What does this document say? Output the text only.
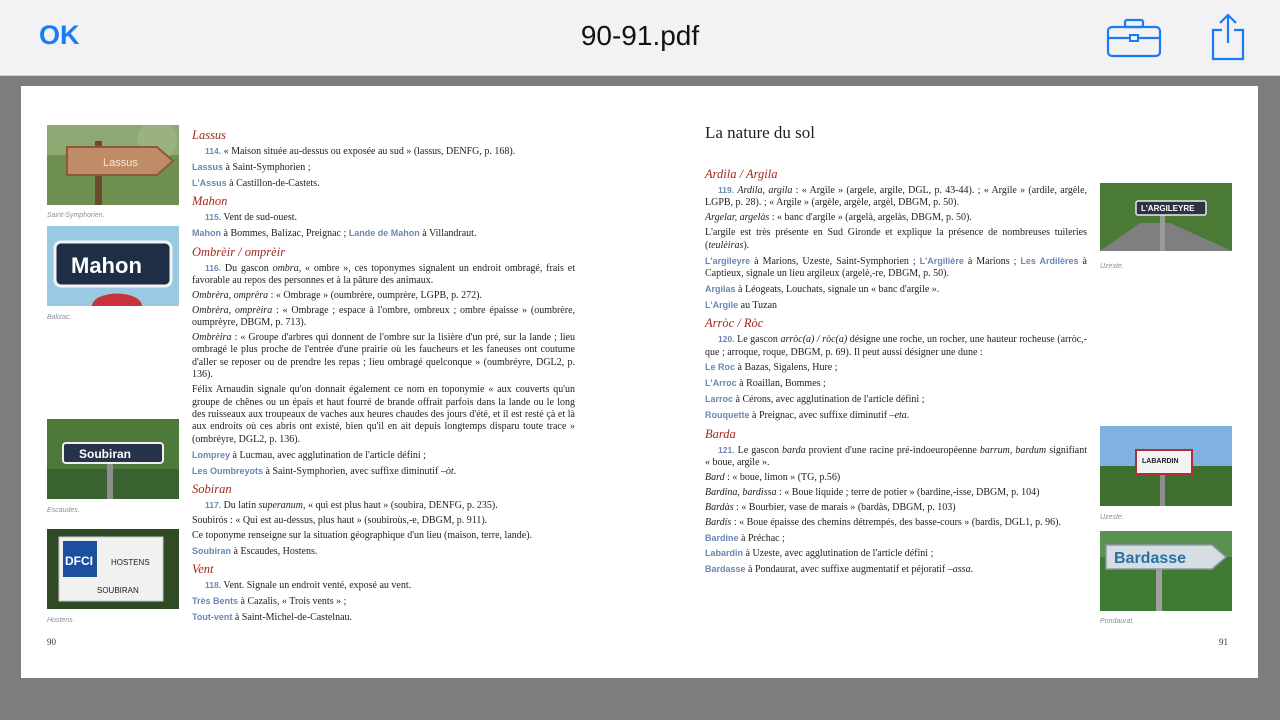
OK	90-91.pdf
Lassus
Saint-Symphorien.
Mahon
Balizac.
Soubiran
Escaudes.
DFCI HOSTENS
SOUBIRAN
Hostens.
90
Lassus

114. « Maison située au-dessus ou exposée au sud » (lassus, DENFG, p. 168).

Lassus à Saint-Symphorien ;

L'Assus à Castillon-de-Castets.

Mahon

115. Vent de sud-ouest.

Mahon à Bommes, Balizac, Preignac ; Lande de Mahon à Villandraut.

Ombrèir / omprèir

116. Du gascon ombra, « ombre », ces toponymes signalent un endroit ombragé, frais et favorable au repos des personnes et à la pâture des animaux.

Ombrèra, omprèra : « Ombrage » (oumbrère, oumprère, LGPB, p. 272).

Ombrèra, omprèira : « Ombrage ; espace à l'ombre, ombreux ; ombre épaisse » (oumbrère, oumprèyre, DBGM, p. 713).

Ombrèira : « Groupe d'arbres qui donnent de l'ombre sur la lisière d'un pré, sur la lande ; lieu ombragé le plus proche de l'entrée d'une prairie où les faucheurs et les faneuses ont coutume d'aller se reposer ou de prendre les repas ; lieu ombragé quelconque » (oumbréyre, DGL2, p. 136).

Félix Arnaudin signale qu'on donnait également ce nom en toponymie « aux couverts qu'un groupe de chênes ou un épais et haut fourré de brande offrait parfois dans la lande ou le long des ruisseaux aux troupeaux de vaches aux heures chaudes des jours d'été, et il est resté çà et là aux endroits où ces abris ont existé, bien qu'il en ait depuis longtemps disparu toute trace » (ombréyre, DGL2, p. 136).

Lomprey à Lucmau, avec agglutination de l'article défini ;

Les Oumbreyots à Saint-Symphorien, avec suffixe diminutif –òt.

Sobiran

117. Du latin superanum, « qui est plus haut » (soubira, DENFG, p. 235).

Soubirós : « Qui est au-dessus, plus haut » (soubiroùs,-e, DBGM, p. 911).

Ce toponyme renseigne sur la situation géographique d'un lieu (maison, terre, lande).

Soubiran à Escaudes, Hostens.

Vent

118. Vent. Signale un endroit venté, exposé au vent.

Très Bents à Cazalis, « Trois vents » ;

Tout-vent à Saint-Michel-de-Castelnau.

La nature du sol
Ardila / Argila

119. Ardila, argila : « Argile » (argele, argile, DGL, p. 43-44). ; « Argile » (ardile, argèle, LGPB, p. 28). ; « Argile » (argèle, argèle, argèl, DBGM, p. 50).

Argelar, argelàs : « banc d'argile » (argelà, argelàs, DBGM, p. 50).

L'argile est très présente en Sud Gironde et explique la présence de nombreuses tuileries (teulèiras).

L'argileyre à Marions, Uzeste, Saint-Symphorien ; L'Argilière à Marions ; Les Ardilères à Captieux, signale un lieu argileux (argelè,-re, DBGM, p. 50).

Argilas à Léogeats, Louchats, signale un « banc d'argile ».

L'Argile au Tuzan

Arròc / Ròc

120. Le gascon arròc(a) / ròc(a) désigne une roche, un rocher, une hauteur rocheuse (arròc,-que ; arroque, roque, DBGM, p. 69). Il peut aussi désigner une dune :

Le Roc à Bazas, Sigalens, Hure ;

L'Arroc à Roaillan, Bommes ;

Larroc à Cérons, avec agglutination de l'article défini ;

Rouquette à Preignac, avec suffixe diminutif –eta.

Barda

121. Le gascon barda provient d'une racine pré-indoeuropéenne barrum, bardum signifiant « boue, argile ».

Bard : « boue, limon » (TG, p.56)

Bardina, bardissa : « Boue liquide ; terre de potier » (bardine,-isse, DBGM, p. 104)

Bardàs : « Bourbier, vase de marais » (bardàs, DBGM, p. 103)

Bardís : « Boue épaisse des chemins détrempés, des basse-cours » (bardis, DGL1, p. 96).

Bardine à Préchac ;

Labardin à Uzeste, avec agglutination de l'article défini ;

Bardasse à Pondaurat, avec suffixe augmentatif et péjoratif –assa.

L'ARGILEYRE
Uzeste.
LABARDIN
Uzeste.
Bardasse
Pondaurat.
91
